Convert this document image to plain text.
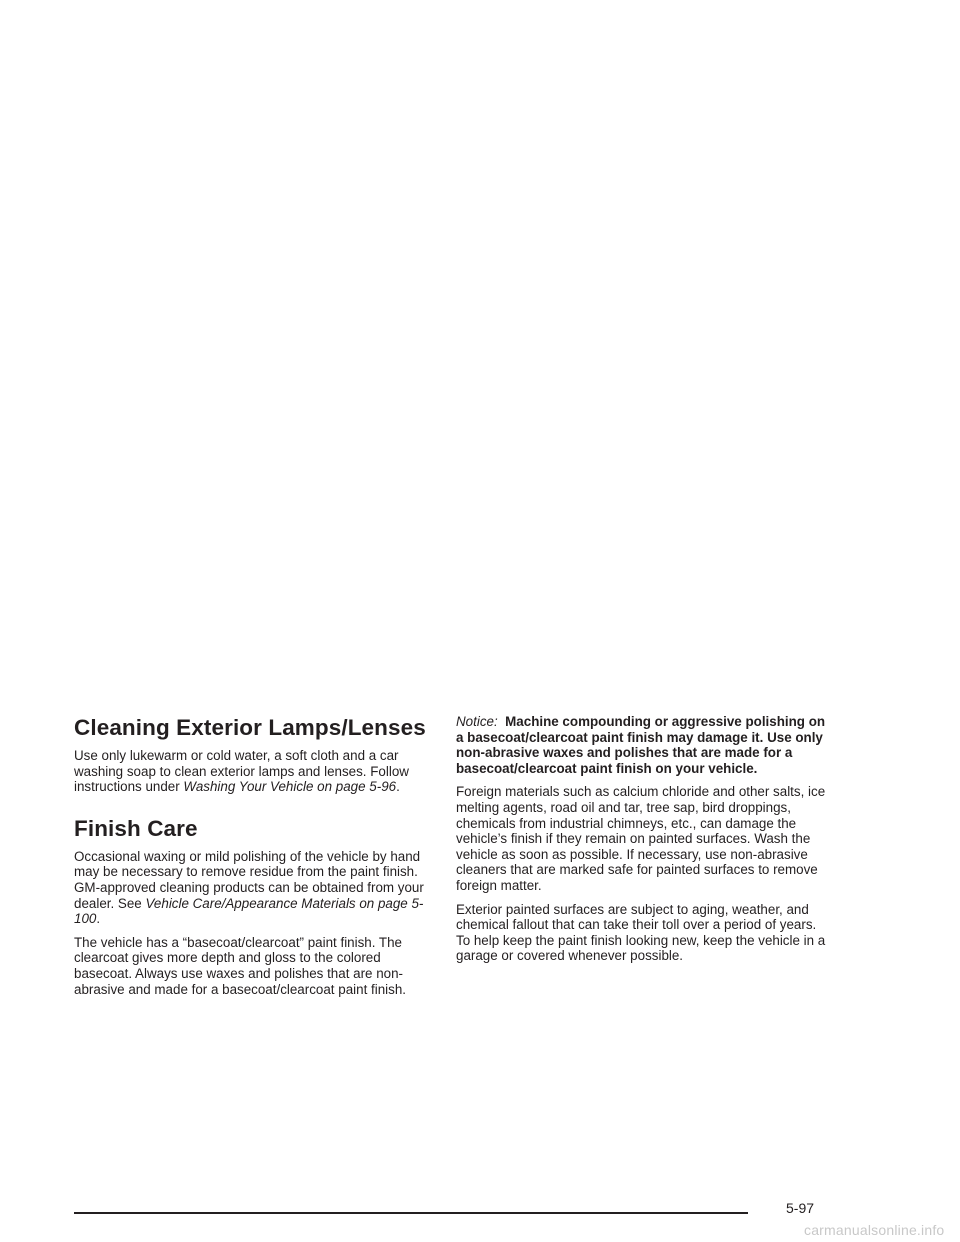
Cleaning Exterior Lamps/Lenses

Use only lukewarm or cold water, a soft cloth and a car washing soap to clean exterior lamps and lenses. Follow instructions under Washing Your Vehicle on page 5-96.

Finish Care

Occasional waxing or mild polishing of the vehicle by hand may be necessary to remove residue from the paint finish. GM-approved cleaning products can be obtained from your dealer. See Vehicle Care/Appearance Materials on page 5-100.

The vehicle has a “basecoat/clearcoat” paint finish. The clearcoat gives more depth and gloss to the colored basecoat. Always use waxes and polishes that are non-abrasive and made for a basecoat/clearcoat paint finish.

Notice: Machine compounding or aggressive polishing on a basecoat/clearcoat paint finish may damage it. Use only non-abrasive waxes and polishes that are made for a basecoat/clearcoat paint finish on your vehicle.

Foreign materials such as calcium chloride and other salts, ice melting agents, road oil and tar, tree sap, bird droppings, chemicals from industrial chimneys, etc., can damage the vehicle’s finish if they remain on painted surfaces. Wash the vehicle as soon as possible. If necessary, use non-abrasive cleaners that are marked safe for painted surfaces to remove foreign matter.

Exterior painted surfaces are subject to aging, weather, and chemical fallout that can take their toll over a period of years. To help keep the paint finish looking new, keep the vehicle in a garage or covered whenever possible.

5-97
carmanualsonline.info
